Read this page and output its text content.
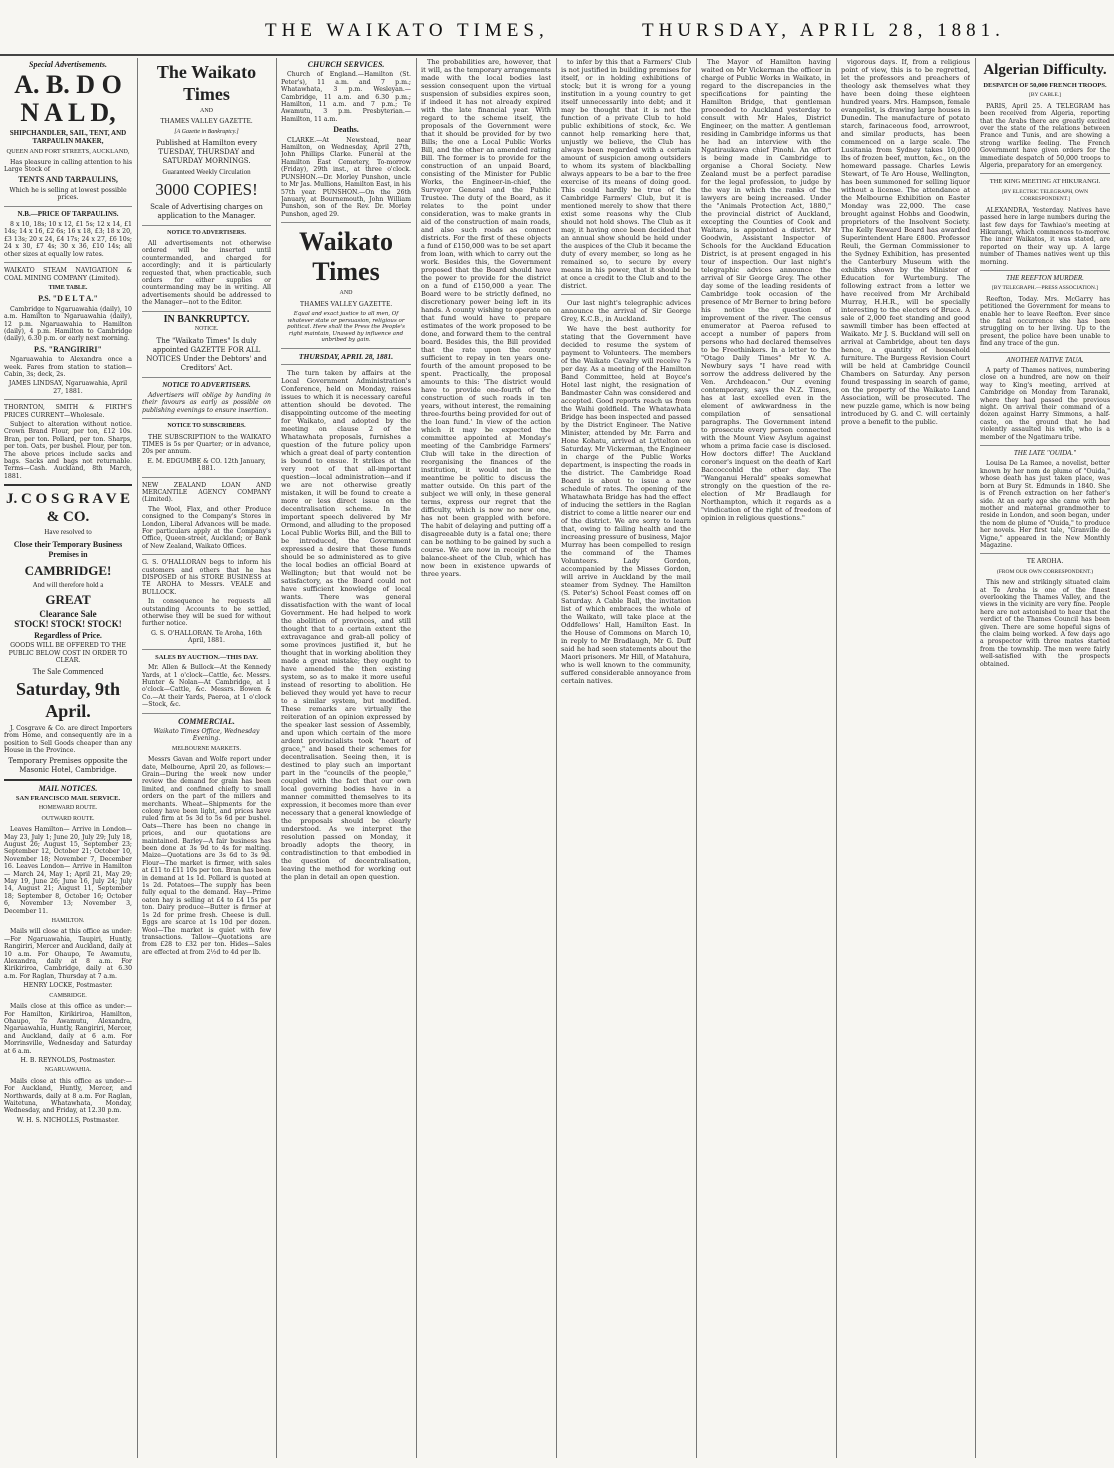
THE WAIKATO TIMES,	THURSDAY, APRIL 28, 1881.
Special Advertisements.
A. B. D O N A L D,
SHIPCHANDLER, SAIL, TENT, AND TARPAULIN MAKER,
QUEEN AND FORT STREETS, AUCKLAND,

Has pleasure in calling attention to his Large Stock of

TENTS AND TARPAULINS,

Which he is selling at lowest possible prices.

N.B.—PRICE OF TARPAULINS.

8 x 10, 18s; 10 x 12, £1 5s; 12 x 14, £1 14s; 14 x 16, £2 6s; 16 x 18, £3; 18 x 20, £3 13s; 20 x 24, £4 17s; 24 x 27, £6 10s; 24 x 30, £7 4s; 30 x 36, £10 14s; all other sizes at equally low rates.

WAIKATO STEAM NAVIGATION & COAL MINING COMPANY (Limited).

TIME TABLE.
P.S. "D E L T A."

Cambridge to Ngaruawahia (daily), 10 a.m. Hamilton to Ngaruawahia (daily), 12 p.m. Ngaruawahia to Hamilton (daily), 4 p.m. Hamilton to Cambridge (daily), 6.30 p.m. or early next morning.

P.S. "RANGIRIRI"

Ngaruawahia to Alexandra once a week. Fares from station to station—Cabin, 3s; deck, 2s.

JAMES LINDSAY, Ngaruawahia, April 27, 1881.

THORNTON, SMITH & FIRTH'S PRICES CURRENT—Wholesale.

Subject to alteration without notice. Crown Brand Flour, per ton, £12 10s. Bran, per ton. Pollard, per ton. Sharps, per ton. Oats, per bushel. Flour, per ton. The above prices include sacks and bags. Sacks and bags not returnable. Terms—Cash. Auckland, 8th March, 1881.

J. C O S G R A V E & CO.
Have resolved to
Close their Temporary Business Premises in
CAMBRIDGE!
And will therefore hold a
GREAT
Clearance Sale
STOCK! STOCK! STOCK!
Regardless of Price.

GOODS WILL BE OFFERED TO THE PUBLIC BELOW COST IN ORDER TO CLEAR.

The Sale Commenced
Saturday, 9th April.

J. Cosgrave & Co. are direct Importers from Home, and consequently are in a position to Sell Goods cheaper than any House in the Province.

Temporary Premises opposite the Masonic Hotel, Cambridge.

MAIL NOTICES.
SAN FRANCISCO MAIL SERVICE.
HOMEWARD ROUTE.
OUTWARD ROUTE.

Leaves Hamilton— Arrive in London— May 23, July 1; June 20, July 29; July 18, August 26; August 15, September 23; September 12, October 21; October 10, November 18; November 7, December 16. Leaves London— Arrive in Hamilton— March 24, May 1; April 21, May 29; May 19, June 26; June 16, July 24; July 14, August 21; August 11, September 18; September 8, October 16; October 6, November 13; November 3, December 11.

HAMILTON.

Mails will close at this office as under:—For Ngaruawahia, Taupiri, Huntly, Rangiriri, Mercer and Auckland, daily at 10 a.m. For Ohaupo, Te Awamutu, Alexandra, daily at 8 a.m. For Kirikiriroa, Cambridge, daily at 6.30 a.m. For Raglan, Thursday at 7 a.m.

HENRY LOCKE, Postmaster.

CAMBRIDGE.

Mails close at this office as under:—For Hamilton, Kirikiriroa, Hamilton, Ohaupo, Te Awamutu, Alexandra, Ngaruawahia, Huntly, Rangiriri, Mercer, and Auckland, daily at 6 a.m. For Morrinsville, Wednesday and Saturday at 6 a.m.

H. B. REYNOLDS, Postmaster.

NGARUAWAHIA.

Mails close at this office as under:—For Auckland, Huntly, Mercer, and Northwards, daily at 8 a.m. For Raglan, Waitetuna, Whatawhata, Monday, Wednesday, and Friday, at 12.30 p.m.

W. H. S. NICHOLLS, Postmaster.

The Waikato Times
AND
THAMES VALLEY GAZETTE.
[A Gazette in Bankruptcy.]

Published at Hamilton every TUESDAY, THURSDAY and SATURDAY MORNINGS.

Guaranteed Weekly Circulation
3000 COPIES!

Scale of Advertising charges on application to the Manager.

NOTICE TO ADVERTISERS.

All advertisements not otherwise ordered will be inserted until countermanded, and charged for accordingly; and it is particularly requested that, when practicable, such orders for either supplies or countermanding may be in writing. All advertisements should be addressed to the Manager—not to the Editor.

IN BANKRUPTCY.
NOTICE.

The "Waikato Times" Is duly appointed GAZETTE FOR ALL NOTICES Under the Debtors' and Creditors' Act.

NOTICE TO ADVERTISERS.

Advertisers will oblige by handing in their favours as early as possible on publishing evenings to ensure insertion.

NOTICE TO SUBSCRIBERS.

THE SUBSCRIPTION to the WAIKATO TIMES is 5s per Quarter; or in advance, 20s per annum.

E. M. EDGUMBE & CO. 12th January, 1881.

NEW ZEALAND LOAN AND MERCANTILE AGENCY COMPANY (Limited).

The Wool, Flax, and other Produce consigned to the Company's Stores in London, Liberal Advances will be made. For particulars apply at the Company's Office, Queen-street, Auckland; or Bank of New Zealand, Waikato Offices.

G. S. O'HALLORAN begs to inform his customers and others that he has DISPOSED of his STORE BUSINESS at TE AROHA to Messrs. VEALE and BULLOCK.

In consequence he requests all outstanding Accounts to be settled, otherwise they will be sued for without further notice.

G. S. O'HALLORAN. Te Aroha, 16th April, 1881.

SALES BY AUCTION.—THIS DAY.

Mr. Allen & Bullock—At the Kennedy Yards, at 1 o'clock—Cattle, &c. Messrs. Hunter & Nolan—At Cambridge, at 1 o'clock—Cattle, &c. Messrs. Bowen & Co.—At their Yards, Paeroa, at 1 o'clock—Stock, &c.

COMMERCIAL.

Waikato Times Office, Wednesday Evening.

MELBOURNE MARKETS.

Messrs Gavan and Wolfe report under date, Melbourne, April 20, as follows:—Grain—During the week now under review the demand for grain has been limited, and confined chiefly to small orders on the part of the millers and merchants. Wheat—Shipments for the colony have been light, and prices have ruled firm at 5s 3d to 5s 6d per bushel. Oats—There has been no change in prices, and our quotations are maintained. Barley—A fair business has been done at 3s 9d to 4s for malting. Maize—Quotations are 3s 6d to 3s 9d. Flour—The market is firmer, with sales at £11 to £11 10s per ton. Bran has been in demand at 1s 1d. Pollard is quoted at 1s 2d. Potatoes—The supply has been fully equal to the demand. Hay—Prime oaten hay is selling at £4 to £4 15s per ton. Dairy produce—Butter is firmer at 1s 2d for prime fresh. Cheese is dull. Eggs are scarce at 1s 10d per dozen. Wool—The market is quiet with few transactions. Tallow—Quotations are from £28 to £32 per ton. Hides—Sales are effected at from 2½d to 4d per lb.

CHURCH SERVICES.

Church of England.—Hamilton (St. Peter's), 11 a.m. and 7 p.m.; Whatawhata, 3 p.m. Wesleyan.—Cambridge, 11 a.m. and 6.30 p.m.; Hamilton, 11 a.m. and 7 p.m.; Te Awamutu, 3 p.m. Presbyterian.—Hamilton, 11 a.m.

Deaths.

CLARKE.—At Newstead, near Hamilton, on Wednesday, April 27th, John Phillips Clarke. Funeral at the Hamilton East Cemetery, To-morrow (Friday), 29th inst., at three o'clock. PUNSHON.—Dr. Morley Punshon, uncle to Mr Jas. Mullions, Hamilton East, in his 57th year. PUNSHON.—On the 26th January, at Bournemouth, John William Punshon, son of the Rev. Dr. Morley Punshon, aged 29.

Waikato Times
AND
THAMES VALLEY GAZETTE.

Equal and exact justice to all men, Of whatever state or persuasion, religious or political. Here shall the Press the People's right maintain, Unawed by influence and unbribed by gain.

THURSDAY, APRIL 28, 1881.

The turn taken by affairs at the Local Government Administration's Conference, held on Monday, raises issues to which it is necessary careful attention should be devoted. The disappointing outcome of the meeting for Waikato, and adopted by the meeting on clause 2 of the Whatawhata proposals, furnishes a question of the future policy upon which a great deal of party contention is bound to ensue. It strikes at the very root of that all-important question—local administration—and if we are not otherwise greatly mistaken, it will be found to create a more or less direct issue on the decentralisation scheme. In the important speech delivered by Mr Ormond, and alluding to the proposed Local Public Works Bill, and the Bill to be introduced, the Government expressed a desire that these funds should be so administered as to give the local bodies an official Board at Wellington; but that would not be satisfactory, as the Board could not have sufficient knowledge of local wants. There was general dissatisfaction with the want of local Government. He had helped to work the abolition of provinces, and still thought that to a certain extent the extravagance and grab-all policy of some provinces justified it, but he thought that in working abolition they made a great mistake; they ought to have amended the then existing system, so as to make it more useful instead of resorting to abolition. He believed they would yet have to recur to a similar system, but modified. These remarks are virtually the reiteration of an opinion expressed by the speaker last session of Assembly, and upon which certain of the more ardent provincialists took "heart of grace," and based their schemes for decentralisation. Seeing then, it is destined to play such an important part in the "councils of the people," coupled with the fact that our own local governing bodies have in a manner committed themselves to its expression, it becomes more than ever necessary that a general knowledge of the proposals should be clearly understood. As we interpret the resolution passed on Monday, it broadly adopts the theory, in contradistinction to that embodied in the question of decentralisation, leaving the method for working out the plan in detail an open question.

The probabilities are, however, that it will, as the temporary arrangements made with the local bodies last session consequent upon the virtual suspension of subsidies expires soon, if indeed it has not already expired with the late financial year. With regard to the scheme itself, the proposals of the Government were that it should be provided for by two Bills; the one a Local Public Works Bill, and the other an amended rating Bill. The former is to provide for the construction of an unpaid Board, consisting of the Minister for Public Works, the Engineer-in-chief, the Surveyor General and the Public Trustee. The duty of the Board, as it relates to the point under consideration, was to make grants in aid of the construction of main roads, and also such roads as connect districts. For the first of these objects a fund of £150,000 was to be set apart from loan, with which to carry out the work. Besides this, the Government proposed that the Board should have the power to provide for the district on a fund of £150,000 a year. The Board were to be strictly defined, no discretionary power being left in its hands. A county wishing to operate on that fund would have to prepare estimates of the work proposed to be done, and forward them to the central board. Besides this, the Bill provided that the rate upon the county sufficient to repay in ten years one-fourth of the amount proposed to be spent. Practically, the proposal amounts to this: 'The district would have to provide one-fourth of the construction of such roads in ten years, without interest, the remaining three-fourths being provided for out of the loan fund.' In view of the action which it may be expected the committee appointed at Monday's meeting of the Cambridge Farmers' Club will take in the direction of reorganising the finances of the institution, it would not in the meantime be politic to discuss the matter outside. On this part of the subject we will only, in these general terms, express our regret that the difficulty, which is now no new one, has not been grappled with before. The habit of delaying and putting off a disagreeable duty is a fatal one; there can be nothing to be gained by such a course. We are now in receipt of the balance-sheet of the Club, which has now been in existence upwards of three years.

to infer by this that a Farmers' Club is not justified in building premises for itself, or in holding exhibitions of stock; but it is wrong for a young institution in a young country to get itself unnecessarily into debt; and it may be thought that it is not the function of a private Club to hold public exhibitions of stock, &c. We cannot help remarking here that, unjustly we believe, the Club has always been regarded with a certain amount of suspicion among outsiders to whom its system of blackballing always appears to be a bar to the free exercise of its means of doing good. This could hardly be true of the Cambridge Farmers' Club, but it is mentioned merely to show that there exist some reasons why the Club should not hold shows. The Club as it may, it having once been decided that an annual show should be held under the auspices of the Club it became the duty of every member, so long as he remained so, to secure by every means in his power, that it should be at once a credit to the Club and to the district.

Our last night's telegraphic advices announce the arrival of Sir George Grey, K.C.B., in Auckland.

We have the best authority for stating that the Government have decided to resume the system of payment to Volunteers. The members of the Waikato Cavalry will receive 7s per day. As a meeting of the Hamilton Band Committee, held at Boyce's Hotel last night, the resignation of Bandmaster Cahn was considered and accepted. Good reports reach us from the Waihi goldfield. The Whatawhata Bridge has been inspected and passed by the District Engineer. The Native Minister, attended by Mr. Farra and Hone Kohatu, arrived at Lyttelton on Saturday. Mr Vickerman, the Engineer in charge of the Public Works department, is inspecting the roads in the district. The Cambridge Road Board is about to issue a new schedule of rates. The opening of the Whatawhata Bridge has had the effect of inducing the settlers in the Raglan district to come a little nearer our end of the district. We are sorry to learn that, owing to failing health and the increasing pressure of business, Major Murray has been compelled to resign the command of the Thames Volunteers. Lady Gordon, accompanied by the Misses Gordon, will arrive in Auckland by the mail steamer from Sydney. The Hamilton (S. Peter's) School Feast comes off on Saturday. A Cable Ball, the invitation list of which embraces the whole of the Waikato, will take place at the Oddfellows' Hall, Hamilton East. In the House of Commons on March 10, in reply to Mr Bradlaugh, Mr G. Duff said he had seen statements about the Maori prisoners. Mr Hill, of Matahura, who is well known to the community, suffered considerable annoyance from certain natives.

The Mayor of Hamilton having waited on Mr Vickerman the officer in charge of Public Works in Waikato, in regard to the discrepancies in the specifications for painting the Hamilton Bridge, that gentleman proceeded to Auckland yesterday to consult with Mr Hales, District Engineer, on the matter. A gentleman residing in Cambridge informs us that he had an interview with the Ngatiraukawa chief Pinohi. An effort is being made in Cambridge to organise a Choral Society. New Zealand must be a perfect paradise for the legal profession, to judge by the way in which the ranks of the lawyers are being increased. Under the "Animals Protection Act, 1880," the provincial district of Auckland, excepting the Counties of Cook and Waitara, is appointed a district. Mr Goodwin, Assistant Inspector of Schools for the Auckland Education District, is at present engaged in his tour of inspection. Our last night's telegraphic advices announce the arrival of Sir George Grey. The other day some of the leading residents of Cambridge took occasion of the presence of Mr Berner to bring before his notice the question of improvement of the river. The census enumerator at Paeroa refused to accept a number of papers from persons who had declared themselves to be Freethinkers. In a letter to the "Otago Daily Times" Mr W. A. Newbury says "I have read with sorrow the address delivered by the Ven. Archdeacon." Our evening contemporary, says the N.Z. Times, has at last excelled even in the element of awkwardness in the compilation of sensational paragraphs. The Government intend to prosecute every person connected with the Mount View Asylum against whom a prima facie case is disclosed. How doctors differ! The Auckland coroner's inquest on the death of Karl Baccoccohld the other day. The "Wanganui Herald" speaks somewhat strongly on the question of the re-election of Mr Bradlaugh for Northampton, which it regards as a "vindication of the right of freedom of opinion in religious questions."

vigorous days. If, from a religious point of view, this is to be regretted, let the professors and preachers of theology ask themselves what they have been doing these eighteen hundred years. Mrs. Hampson, female evangelist, is drawing large houses in Dunedin. The manufacture of potato starch, farinaceous food, arrowroot, and similar products, has been commenced on a large scale. The Lusitania from Sydney takes 10,000 lbs of frozen beef, mutton, &c., on the homeward passage. Charles Lewis Stewart, of Te Aro House, Wellington, has been summoned for selling liquor without a license. The attendance at the Melbourne Exhibition on Easter Monday was 22,000. The case brought against Hobbs and Goodwin, proprietors of the Insolvent Society. The Kelly Reward Board has awarded Superintendent Hare £800. Professor Reuli, the German Commissioner to the Sydney Exhibition, has presented the Canterbury Museum with the exhibits shown by the Minister of Education for Wurtemburg. The following extract from a letter we have received from Mr Archibald Murray, H.H.R., will be specially interesting to the electors of Bruce. A sale of 2,000 feet standing and good sawmill timber has been effected at Waikato. Mr J. S. Buckland will sell on arrival at Cambridge, about ten days hence, a quantity of household furniture. The Burgess Revision Court will be held at Cambridge Council Chambers on Saturday. Any person found trespassing in search of game, on the property of the Waikato Land Association, will be prosecuted. The new puzzle game, which is now being introduced by G. and C. will certainly prove a benefit to the public.

Algerian Difficulty.
DESPATCH OF 50,000 FRENCH TROOPS.
[BY CABLE.]

PARIS, April 25. A TELEGRAM has been received from Algeria, reporting that the Arabs there are greatly excited over the state of the relations between France and Tunis, and are showing a strong warlike feeling. The French Government have given orders for the immediate despatch of 50,000 troops to Algeria, preparatory for an emergency.

THE KING MEETING AT HIKURANGI.
[BY ELECTRIC TELEGRAPH, OWN CORRESPONDENT.]

ALEXANDRA, Yesterday. Natives have passed here in large numbers during the last few days for Tawhiao's meeting at Hikurangi, which commences to-morrow. The inner Waikatos, it was stated, are reported on their way up. A large number of Thames natives went up this morning.

THE REEFTON MURDER.
[BY TELEGRAPH.—PRESS ASSOCIATION.]

Reefton, Today. Mrs. McGarry has petitioned the Government for means to enable her to leave Reefton. Ever since the fatal occurrence she has been struggling on to her living. Up to the present, the police have been unable to find any trace of the gun.

ANOTHER NATIVE TAUA.

A party of Thames natives, numbering close on a hundred, are now on their way to King's meeting, arrived at Cambridge on Monday from Taranaki, where they had passed the previous night. On arrival their command of a dozen against Harry Simmons, a half-caste, on the ground that he had violently assaulted his wife, who is a member of the Ngatimaru tribe.

THE LATE "OUIDA."

Louisa De La Ramee, a novelist, better known by her nom de plume of "Ouida," whose death has just taken place, was born at Bury St. Edmunds in 1840. She is of French extraction on her father's side. At an early age she came with her mother and maternal grandmother to reside in London, and soon began, under the nom de plume of "Ouida," to produce her novels. Her first tale, "Granville de Vigne," appeared in the New Monthly Magazine.

TE AROHA.
(FROM OUR OWN CORRESPONDENT.)

This new and strikingly situated claim at Te Aroha is one of the finest overlooking the Thames Valley, and the views in the vicinity are very fine. People here are not astonished to hear that the verdict of the Thames Council has been given. There are some hopeful signs of the claim being worked. A few days ago a prospector with three mates started from the township. The men were fairly well-satisfied with the prospects obtained.
